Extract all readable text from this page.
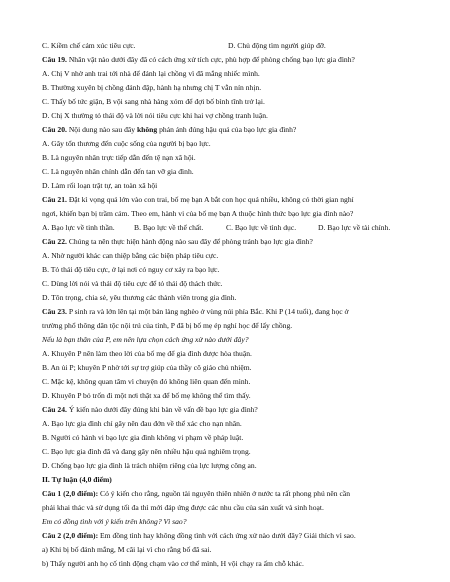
C. Kiềm chế cảm xúc tiêu cực.	D. Chủ động tìm người giúp đỡ.
Câu 19. Nhân vật nào dưới đây đã có cách ứng xử tích cực, phù hợp để phòng chống bạo lực gia đình?
A. Chị V nhờ anh trai tới nhà để đánh lại chồng vì đã mắng nhiếc mình.
B. Thường xuyên bị chồng đánh đập, hành hạ nhưng chị T vẫn nín nhịn.
C. Thấy bố tức giận, B vội sang nhà hàng xóm để đợi bố bình tĩnh trở lại.
D. Chị X thường tỏ thái độ và lời nói tiêu cực khi hai vợ chồng tranh luận.
Câu 20. Nội dung nào sau đây không phản ánh đúng hậu quả của bạo lực gia đình?
A. Gây tổn thương đến cuộc sống của người bị bạo lực.
B. Là nguyên nhân trực tiếp dẫn đến tệ nạn xã hội.
C. Là nguyên nhân chính dẫn đến tan vỡ gia đình.
D. Làm rối loạn trật tự, an toàn xã hội
Câu 21. Đặt kì vọng quá lớn vào con trai, bố mẹ bạn A bắt con học quá nhiều, không có thời gian nghỉ
ngơi, khiến bạn bị trầm cảm. Theo em, hành vi của bố mẹ bạn A thuộc hình thức bạo lực gia đình nào?
A. Bạo lực về tinh thần.	B. Bạo lực về thể chất.	C. Bạo lực về tình dục.	D. Bạo lực về tài chính.
Câu 22. Chúng ta nên thực hiện hành động nào sau đây để phòng tránh bạo lực gia đình?
A. Nhờ người khác can thiệp bằng các biện pháp tiêu cực.
B. Tỏ thái độ tiêu cực, ở lại nơi có nguy cơ xảy ra bạo lực.
C. Dùng lời nói và thái độ tiêu cực để tỏ thái độ thách thức.
D. Tôn trọng, chia sẻ, yêu thương các thành viên trong gia đình.
Câu 23. P sinh ra và lớn lên tại một bản làng nghèo ở vùng núi phía Bắc. Khi P (14 tuổi), đang học ở
trường phổ thông dân tộc nội trú của tỉnh, P đã bị bố mẹ ép nghỉ học để lấy chồng.
Nếu là bạn thân của P, em nên lựa chọn cách ứng xử nào dưới đây?
A. Khuyên P nên làm theo lời của bố mẹ để gia đình được hòa thuận.
B. An ủi P; khuyên P nhờ tới sự trợ giúp của thầy cô giáo chủ nhiệm.
C. Mặc kệ, không quan tâm vì chuyện đó không liên quan đến mình.
D. Khuyên P bỏ trốn đi một nơi thật xa để bố mẹ không thể tìm thấy.
Câu 24. Ý kiến nào dưới đây đúng khi bàn về vấn đề bạo lực gia đình?
A. Bạo lực gia đình chỉ gây nên đau đớn về thể xác cho nạn nhân.
B. Người có hành vi bạo lực gia đình không vi phạm về pháp luật.
C. Bạo lực gia đình đã và đang gây nên nhiều hậu quả nghiêm trọng.
D. Chống bạo lực gia đình là trách nhiệm riêng của lực lượng công an.
II. Tự luận (4,0 điểm)
Câu 1 (2,0 điểm): Có ý kiến cho rằng, nguồn tài nguyên thiên nhiên ở nước ta rất phong phú nên cần
phải khai thác và sử dụng tối đa thì mới đáp ứng được các nhu cầu của sản xuất và sinh hoạt.
Em có đồng tình với ý kiến trên không? Vì sao?
Câu 2 (2,0 điểm): Em đồng tình hay không đồng tình với cách ứng xử nào dưới đây? Giải thích vì sao.
a) Khi bị bố đánh mắng, M cãi lại vì cho rằng bố đã sai.
b) Thấy người anh họ cố tình động chạm vào cơ thể mình, H vội chạy ra ấm chỗ khác.
